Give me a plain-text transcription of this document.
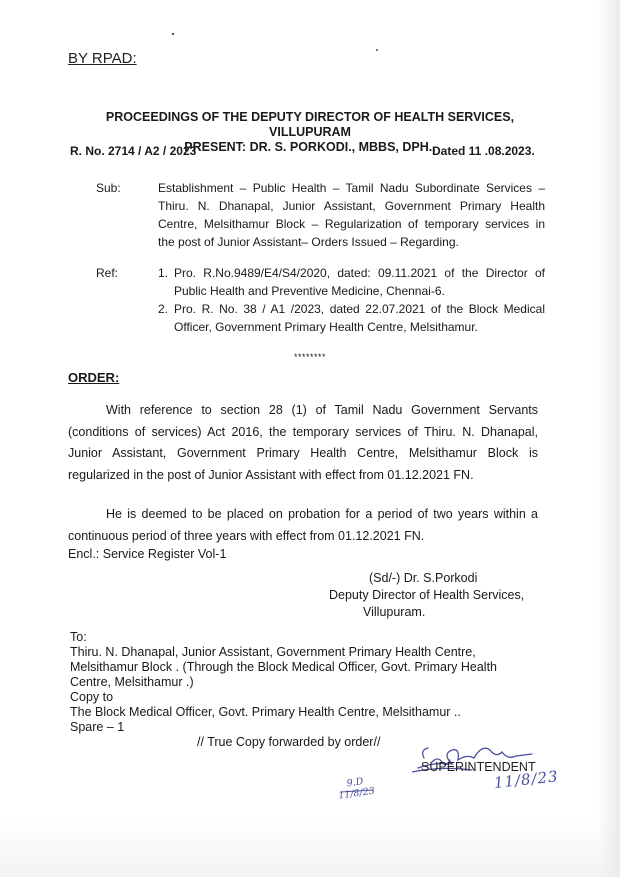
BY RPAD:
PROCEEDINGS OF THE DEPUTY DIRECTOR OF HEALTH SERVICES,
VILLUPURAM
PRESENT: DR. S. PORKODI., MBBS, DPH.,
R. No. 2714 / A2 / 2023	Dated 11 .08.2023.
Sub:	Establishment – Public Health – Tamil Nadu Subordinate Services –
Thiru. N. Dhanapal, Junior Assistant, Government Primary Health
Centre, Melsithamur Block – Regularization of temporary services in
the post of Junior Assistant– Orders Issued – Regarding.
Ref:	1. Pro. R.No.9489/E4/S4/2020, dated: 09.11.2021 of the Director of
Public Health and Preventive Medicine, Chennai-6.
2. Pro. R. No. 38 / A1 /2023, dated 22.07.2021 of the Block Medical
Officer, Government Primary Health Centre, Melsithamur.
********
ORDER:
With reference to section 28 (1) of Tamil Nadu Government Servants
(conditions of services) Act 2016, the temporary services of Thiru. N. Dhanapal,
Junior Assistant, Government Primary Health Centre, Melsithamur Block is
regularized in the post of Junior Assistant with effect from 01.12.2021 FN.
He is deemed to be placed on probation for a period of two years within a
continuous period of three years with effect from 01.12.2021 FN.
Encl.: Service Register Vol-1
(Sd/-) Dr. S.Porkodi
Deputy Director of Health Services,
Villupuram.
To:
Thiru. N. Dhanapal, Junior Assistant, Government Primary Health Centre,
Melsithamur Block . (Through the Block Medical Officer, Govt. Primary Health
Centre, Melsithamur .)
Copy to
The Block Medical Officer, Govt. Primary Health Centre, Melsithamur ..
Spare – 1
// True Copy forwarded by order//
SUPERINTENDENT
11/8/23
9.D 11/8/23
